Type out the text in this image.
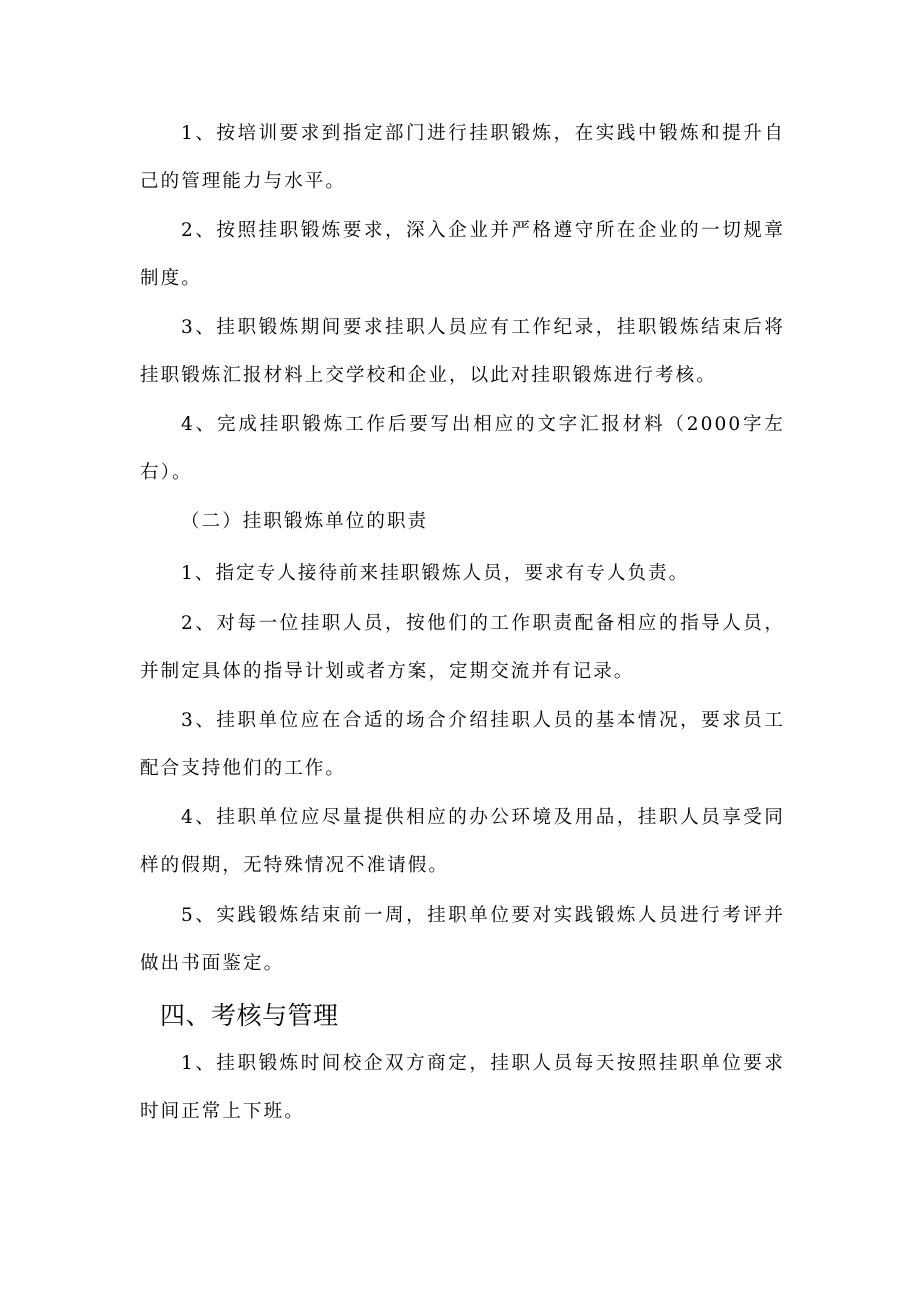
1、按培训要求到指定部门进行挂职锻炼，在实践中锻炼和提升自己的管理能力与水平。

2、按照挂职锻炼要求，深入企业并严格遵守所在企业的一切规章制度。

3、挂职锻炼期间要求挂职人员应有工作纪录，挂职锻炼结束后将挂职锻炼汇报材料上交学校和企业，以此对挂职锻炼进行考核。

4、完成挂职锻炼工作后要写出相应的文字汇报材料（2000字左右）。

（二）挂职锻炼单位的职责

1、指定专人接待前来挂职锻炼人员，要求有专人负责。

2、对每一位挂职人员，按他们的工作职责配备相应的指导人员，并制定具体的指导计划或者方案，定期交流并有记录。

3、挂职单位应在合适的场合介绍挂职人员的基本情况，要求员工配合支持他们的工作。

4、挂职单位应尽量提供相应的办公环境及用品，挂职人员享受同样的假期，无特殊情况不准请假。

5、实践锻炼结束前一周，挂职单位要对实践锻炼人员进行考评并做出书面鉴定。

四、考核与管理

1、挂职锻炼时间校企双方商定，挂职人员每天按照挂职单位要求时间正常上下班。
